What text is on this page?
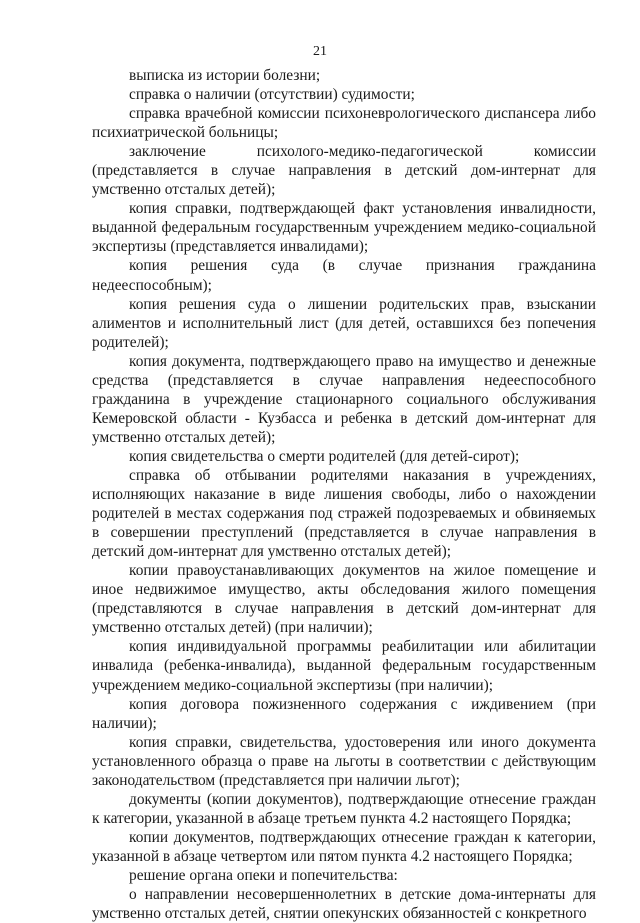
21

выписка из истории болезни;

справка о наличии (отсутствии) судимости;

справка врачебной комиссии психоневрологического диспансера либо психиатрической больницы;

заключение психолого-медико-педагогической комиссии (представляется в случае направления в детский дом-интернат для умственно отсталых детей);

копия справки, подтверждающей факт установления инвалидности, выданной федеральным государственным учреждением медико-социальной экспертизы (представляется инвалидами);

копия решения суда (в случае признания гражданина недееспособным);

копия решения суда о лишении родительских прав, взыскании алиментов и исполнительный лист (для детей, оставшихся без попечения родителей);

копия документа, подтверждающего право на имущество и денежные средства (представляется в случае направления недееспособного гражданина в учреждение стационарного социального обслуживания Кемеровской области - Кузбасса и ребенка в детский дом-интернат для умственно отсталых детей);

копия свидетельства о смерти родителей (для детей-сирот);

справка об отбывании родителями наказания в учреждениях, исполняющих наказание в виде лишения свободы, либо о нахождении родителей в местах содержания под стражей подозреваемых и обвиняемых в совершении преступлений (представляется в случае направления в детский дом-интернат для умственно отсталых детей);

копии правоустанавливающих документов на жилое помещение и иное недвижимое имущество, акты обследования жилого помещения (представляются в случае направления в детский дом-интернат для умственно отсталых детей) (при наличии);

копия индивидуальной программы реабилитации или абилитации инвалида (ребенка-инвалида), выданной федеральным государственным учреждением медико-социальной экспертизы (при наличии);

копия договора пожизненного содержания с иждивением (при наличии);

копия справки, свидетельства, удостоверения или иного документа установленного образца о праве на льготы в соответствии с действующим законодательством (представляется при наличии льгот);

документы (копии документов), подтверждающие отнесение граждан к категории, указанной в абзаце третьем пункта 4.2 настоящего Порядка;

копии документов, подтверждающих отнесение граждан к категории, указанной в абзаце четвертом или пятом пункта 4.2 настоящего Порядка;

решение органа опеки и попечительства:

о направлении несовершеннолетних в детские дома-интернаты для умственно отсталых детей, снятии опекунских обязанностей с конкретного
